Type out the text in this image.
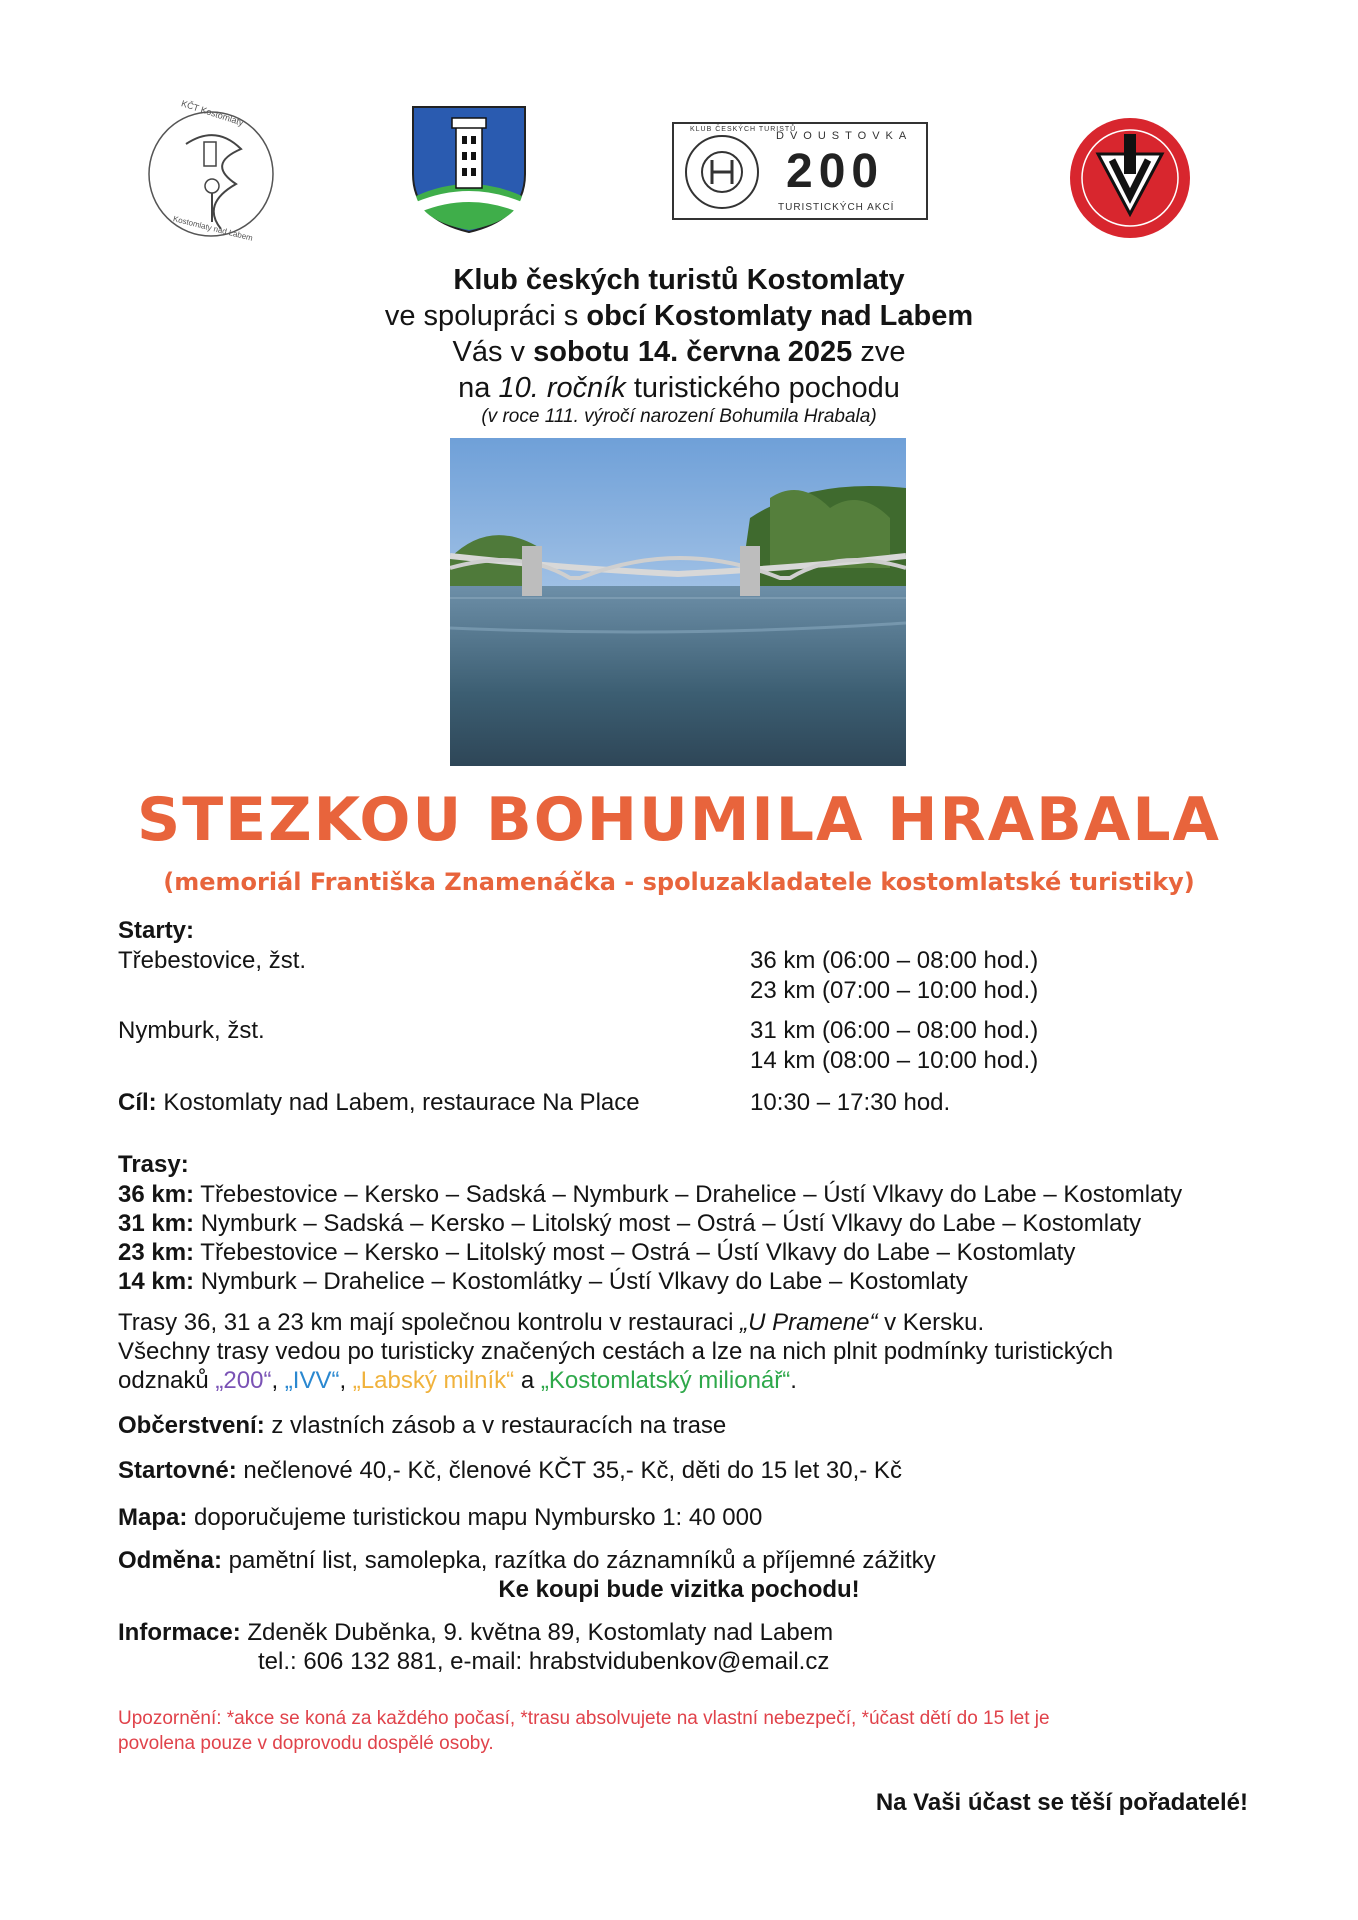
KČT Kostomlaty
Kostomlaty nad Labem
KLUB ČESKÝCH TURISTŮ
DVOUSTOVKA
200
TURISTICKÝCH AKCÍ
Klub českých turistů Kostomlaty
ve spolupráci s obcí Kostomlaty nad Labem
Vás v sobotu 14. června 2025 zve
na 10. ročník turistického pochodu
(v roce 111. výročí narození Bohumila Hrabala)
STEZKOU BOHUMILA HRABALA
(memoriál Františka Znamenáčka - spoluzakladatele kostomlatské turistiky)
Starty:
Třebestovice, žst.	36 km (06:00 – 08:00 hod.)
23 km (07:00 – 10:00 hod.)
Nymburk, žst.	31 km (06:00 – 08:00 hod.)
14 km (08:00 – 10:00 hod.)
Cíl: Kostomlaty nad Labem, restaurace Na Place	10:30 – 17:30 hod.
Trasy:
36 km: Třebestovice – Kersko – Sadská – Nymburk – Drahelice – Ústí Vlkavy do Labe – Kostomlaty
31 km: Nymburk – Sadská – Kersko – Litolský most – Ostrá – Ústí Vlkavy do Labe – Kostomlaty
23 km: Třebestovice – Kersko – Litolský most – Ostrá – Ústí Vlkavy do Labe – Kostomlaty
14 km: Nymburk – Drahelice – Kostomlátky – Ústí Vlkavy do Labe – Kostomlaty
Trasy 36, 31 a 23 km mají společnou kontrolu v restauraci „U Pramene“ v Kersku.
Všechny trasy vedou po turisticky značených cestách a lze na nich plnit podmínky turistických
odznaků „200“, „IVV“, „Labský milník“ a „Kostomlatský milionář“.
Občerstvení: z vlastních zásob a v restauracích na trase
Startovné: nečlenové 40,- Kč, členové KČT 35,- Kč, děti do 15 let 30,- Kč
Mapa: doporučujeme turistickou mapu Nymbursko 1: 40 000
Odměna: pamětní list, samolepka, razítka do záznamníků a příjemné zážitky
Ke koupi bude vizitka pochodu!
Informace: Zdeněk Duběnka, 9. května 89, Kostomlaty nad Labem
tel.: 606 132 881, e-mail: hrabstvidubenkov@email.cz
Upozornění: *akce se koná za každého počasí, *trasu absolvujete na vlastní nebezpečí, *účast dětí do 15 let je
povolena pouze v doprovodu dospělé osoby.
Na Vaši účast se těší pořadatelé!
